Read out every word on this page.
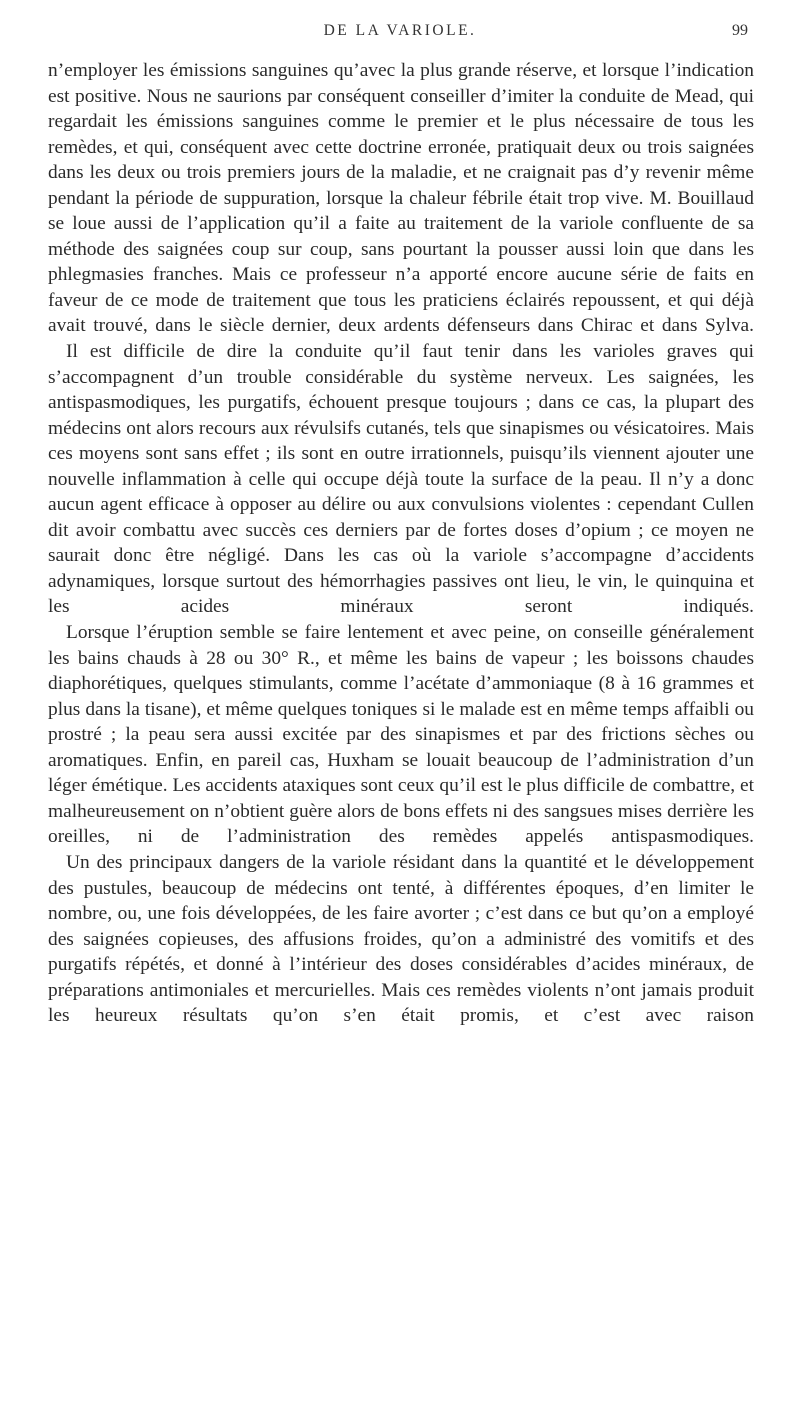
DE LA VARIOLE.	99

n’employer les émissions sanguines qu’avec la plus grande réserve, et lorsque l’indication est positive. Nous ne saurions par conséquent conseiller d’imiter la conduite de Mead, qui regardait les émissions sanguines comme le premier et le plus nécessaire de tous les remèdes, et qui, conséquent avec cette doctrine erronée, pratiquait deux ou trois saignées dans les deux ou trois premiers jours de la maladie, et ne craignait pas d’y revenir même pendant la période de suppuration, lorsque la chaleur fébrile était trop vive. M. Bouillaud se loue aussi de l’application qu’il a faite au traitement de la variole confluente de sa méthode des saignées coup sur coup, sans pourtant la pousser aussi loin que dans les phlegmasies franches. Mais ce professeur n’a apporté encore aucune série de faits en faveur de ce mode de traitement que tous les praticiens éclairés repoussent, et qui déjà avait trouvé, dans le siècle dernier, deux ardents défenseurs dans Chirac et dans Sylva.

Il est difficile de dire la conduite qu’il faut tenir dans les varioles graves qui s’accompagnent d’un trouble considérable du système nerveux. Les saignées, les antispasmodiques, les purgatifs, échouent presque toujours ; dans ce cas, la plupart des médecins ont alors recours aux révulsifs cutanés, tels que sinapismes ou vésicatoires. Mais ces moyens sont sans effet ; ils sont en outre irrationnels, puisqu’ils viennent ajouter une nouvelle inflammation à celle qui occupe déjà toute la surface de la peau. Il n’y a donc aucun agent efficace à opposer au délire ou aux convulsions violentes : cependant Cullen dit avoir combattu avec succès ces derniers par de fortes doses d’opium ; ce moyen ne saurait donc être négligé. Dans les cas où la variole s’accompagne d’accidents adynamiques, lorsque surtout des hémorrhagies passives ont lieu, le vin, le quinquina et les acides minéraux seront indiqués.

Lorsque l’éruption semble se faire lentement et avec peine, on conseille généralement les bains chauds à 28 ou 30° R., et même les bains de vapeur ; les boissons chaudes diaphorétiques, quelques stimulants, comme l’acétate d’ammoniaque (8 à 16 grammes et plus dans la tisane), et même quelques toniques si le malade est en même temps affaibli ou prostré ; la peau sera aussi excitée par des sinapismes et par des frictions sèches ou aromatiques. Enfin, en pareil cas, Huxham se louait beaucoup de l’administration d’un léger émétique. Les accidents ataxiques sont ceux qu’il est le plus difficile de combattre, et malheureusement on n’obtient guère alors de bons effets ni des sangsues mises derrière les oreilles, ni de l’administration des remèdes appelés antispasmodiques.

Un des principaux dangers de la variole résidant dans la quantité et le développement des pustules, beaucoup de médecins ont tenté, à différentes époques, d’en limiter le nombre, ou, une fois développées, de les faire avorter ; c’est dans ce but qu’on a employé des saignées copieuses, des affusions froides, qu’on a administré des vomitifs et des purgatifs répétés, et donné à l’intérieur des doses considérables d’acides minéraux, de préparations antimoniales et mercurielles. Mais ces remèdes violents n’ont jamais produit les heureux résultats qu’on s’en était promis, et c’est avec raison
